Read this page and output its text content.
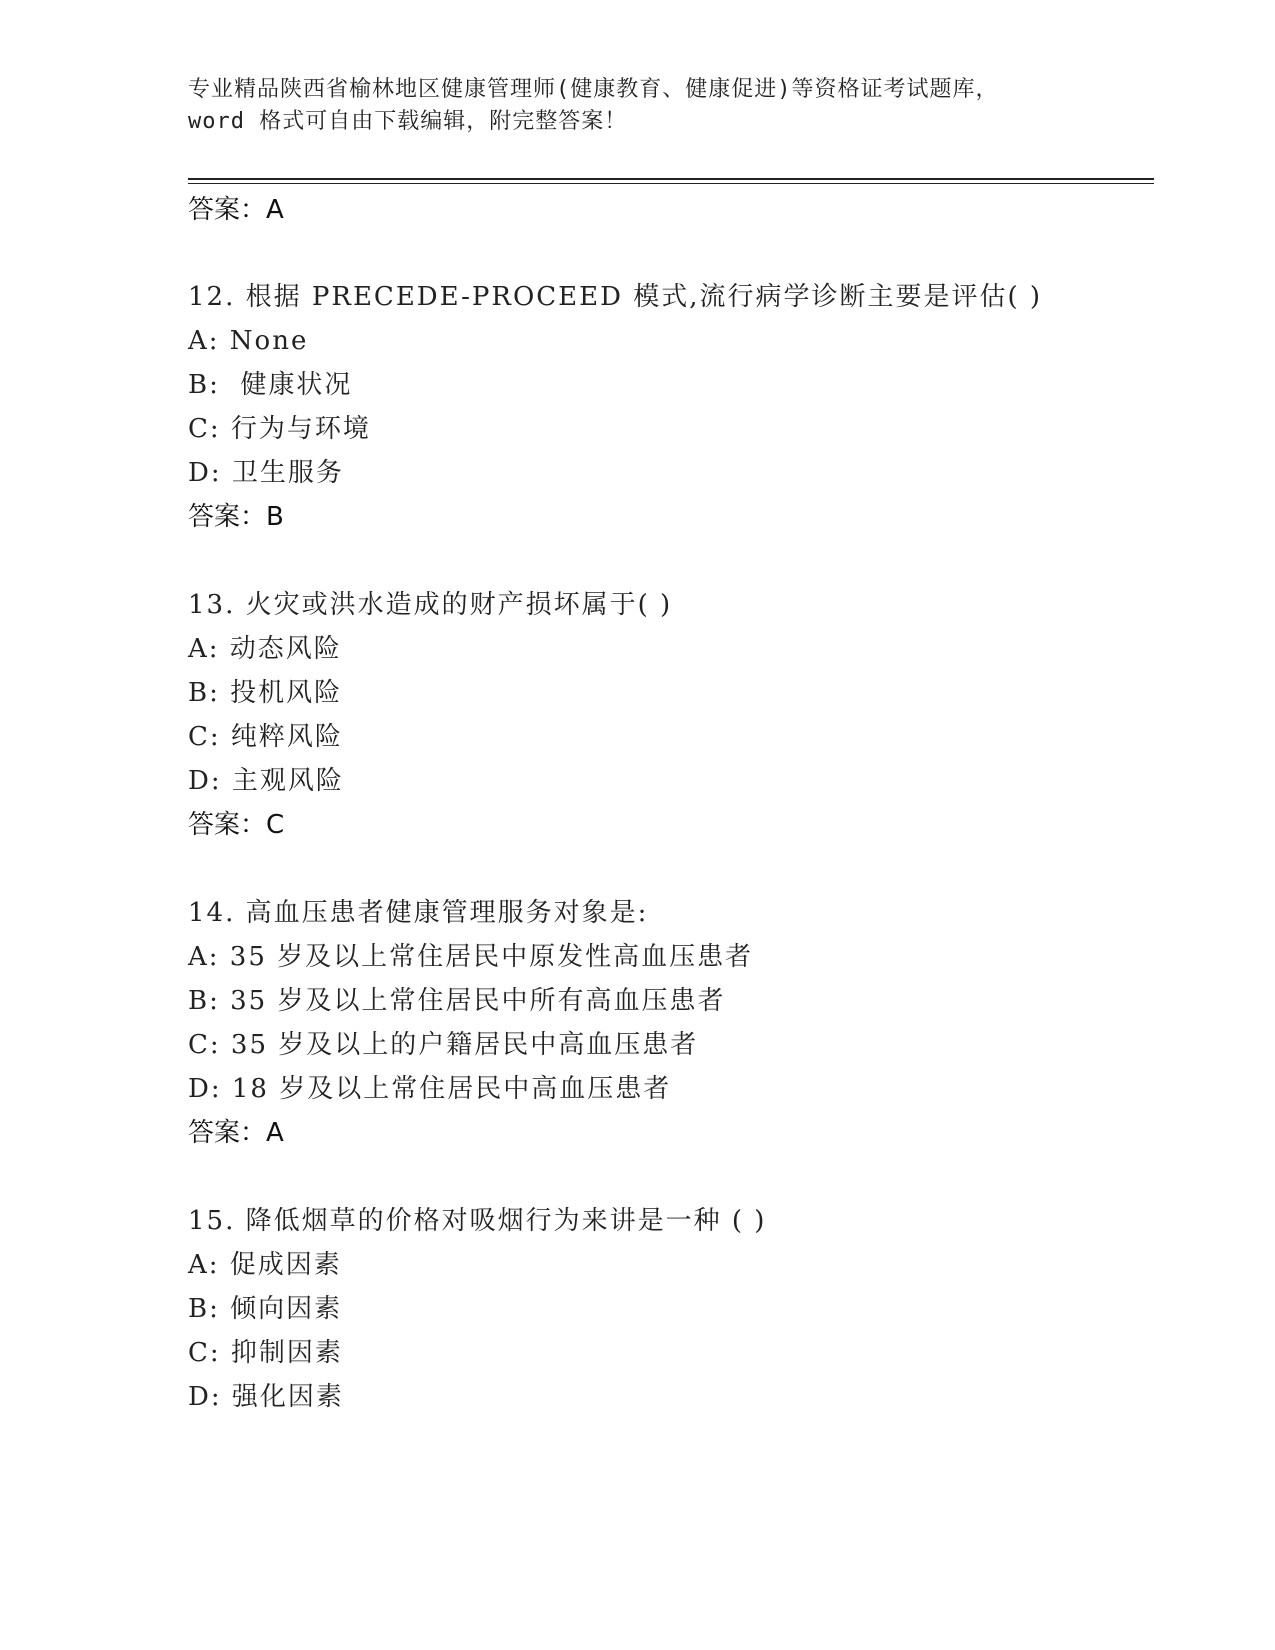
专业精品陕西省榆林地区健康管理师(健康教育、健康促进)等资格证考试题库，
word 格式可自由下载编辑，附完整答案！
答案：A
12. 根据 PRECEDE-PROCEED 模式,流行病学诊断主要是评估( )
A: None
B:  健康状况
C: 行为与环境
D: 卫生服务
答案：B
13. 火灾或洪水造成的财产损坏属于( )
A: 动态风险
B: 投机风险
C: 纯粹风险
D: 主观风险
答案：C
14. 高血压患者健康管理服务对象是:
A: 35 岁及以上常住居民中原发性高血压患者
B: 35 岁及以上常住居民中所有高血压患者
C: 35 岁及以上的户籍居民中高血压患者
D: 18 岁及以上常住居民中高血压患者
答案：A
15. 降低烟草的价格对吸烟行为来讲是一种 ( )
A: 促成因素
B: 倾向因素
C: 抑制因素
D: 强化因素
